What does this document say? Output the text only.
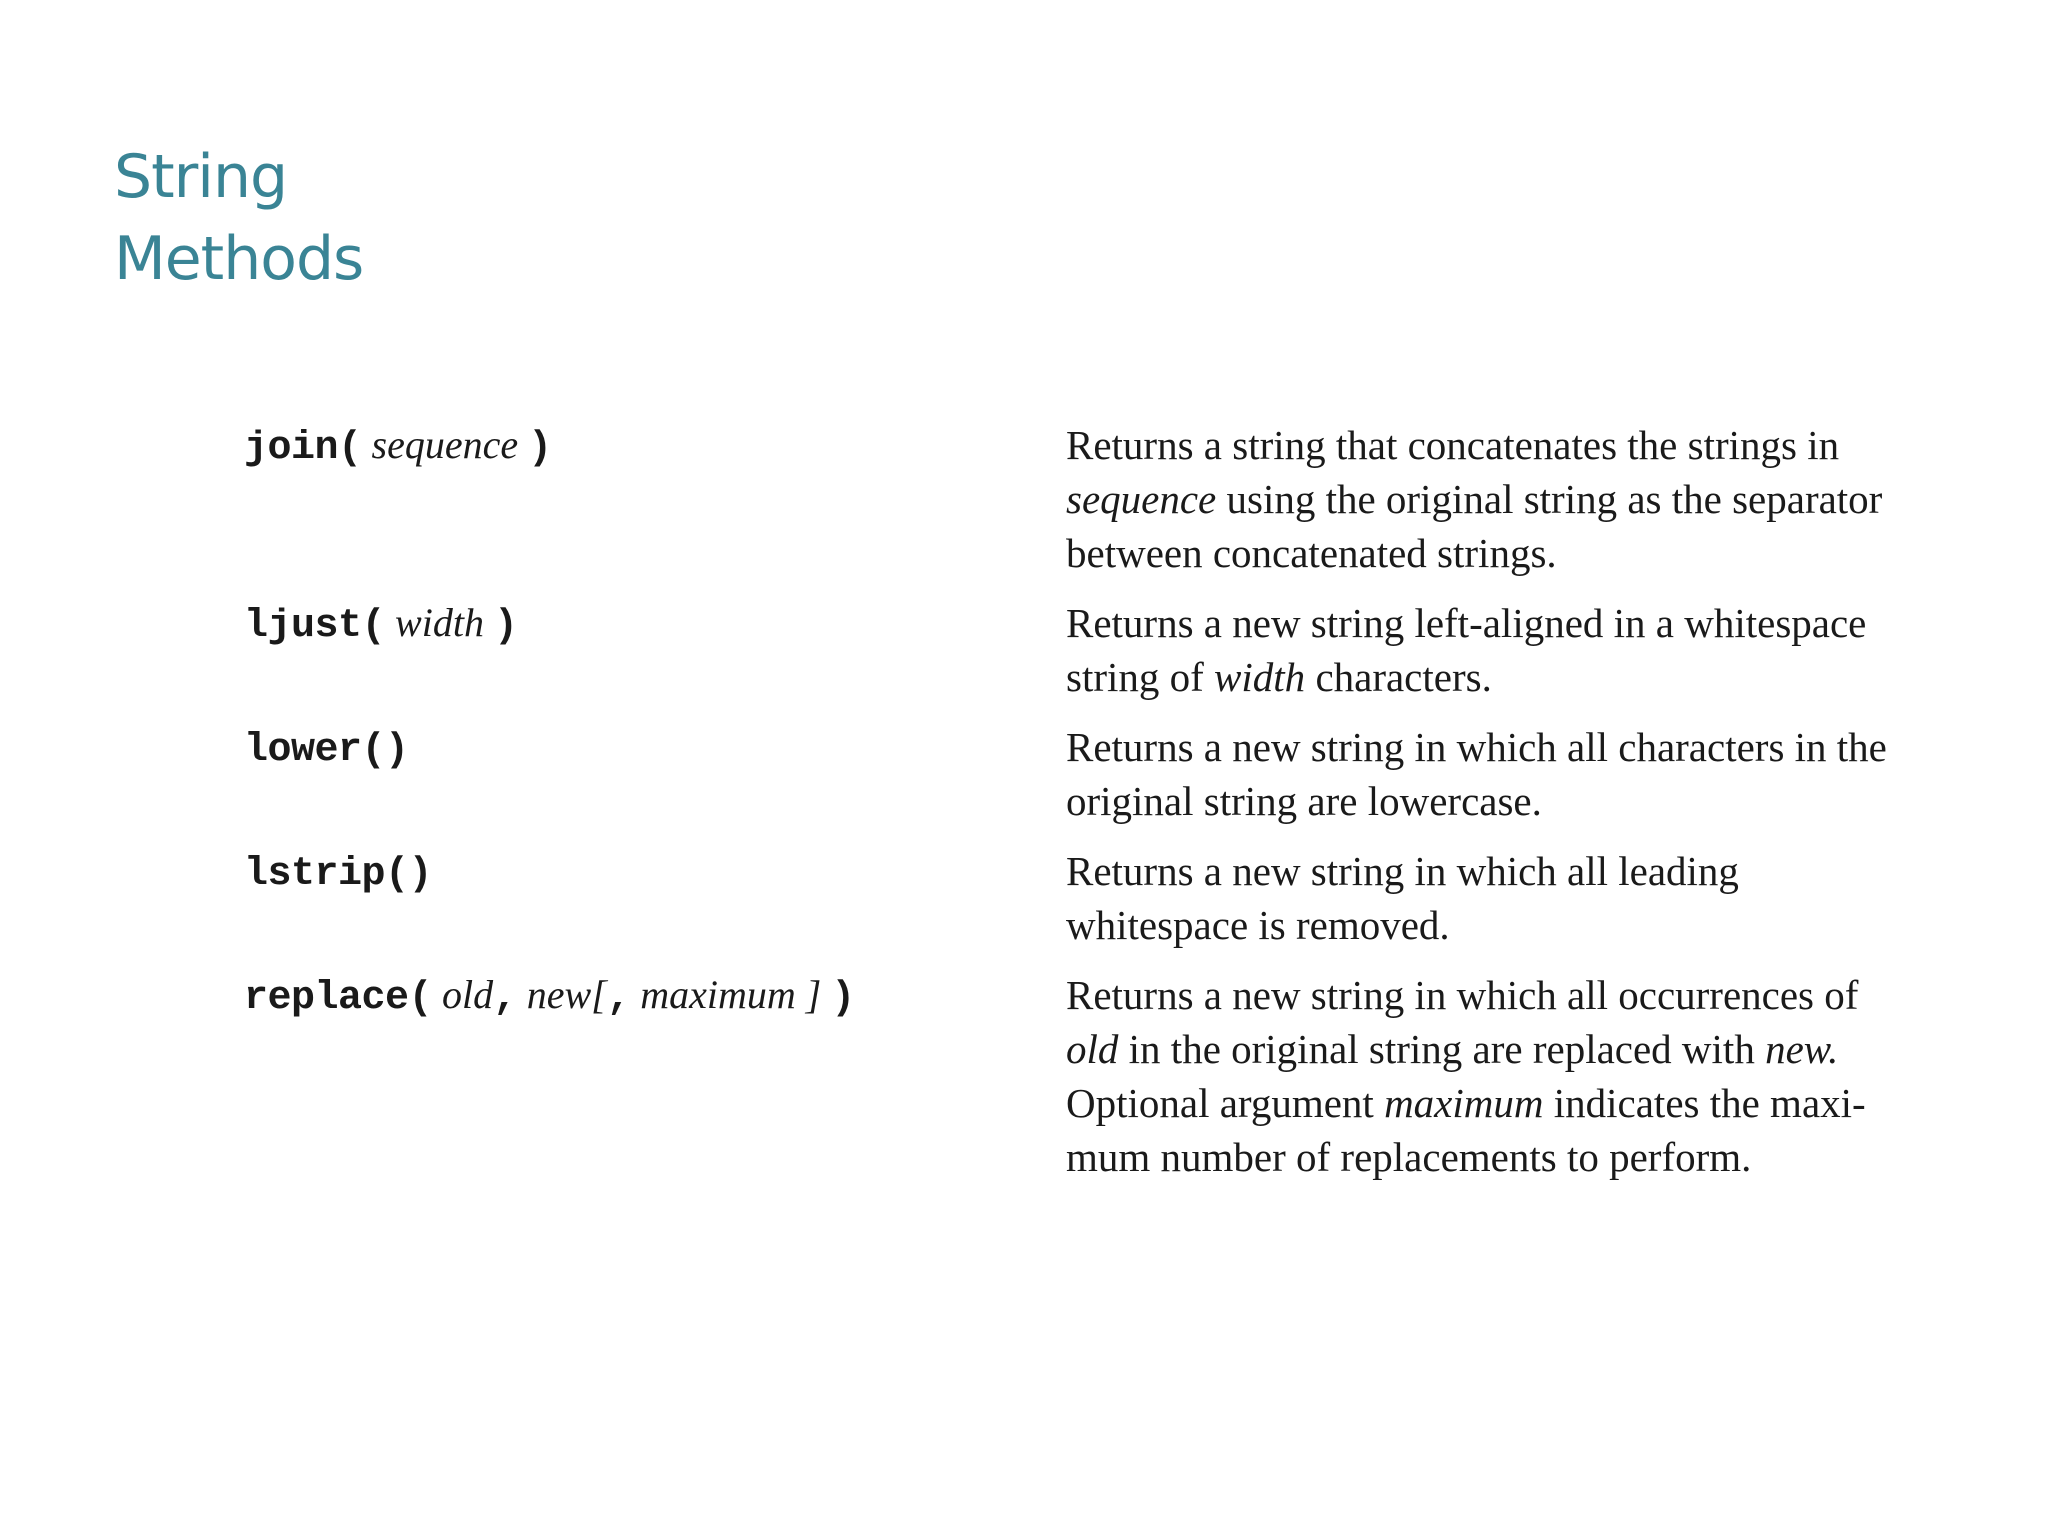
String
Methods
join( sequence )	Returns a string that concatenates the strings in
sequence using the original string as the separator
between concatenated strings.
ljust( width )	Returns a new string left-aligned in a whitespace
string of width characters.
lower()	Returns a new string in which all characters in the
original string are lowercase.
lstrip()	Returns a new string in which all leading
whitespace is removed.
replace( old, new[, maximum ] )	Returns a new string in which all occurrences of
old in the original string are replaced with new.
Optional argument maximum indicates the maxi-
mum number of replacements to perform.
